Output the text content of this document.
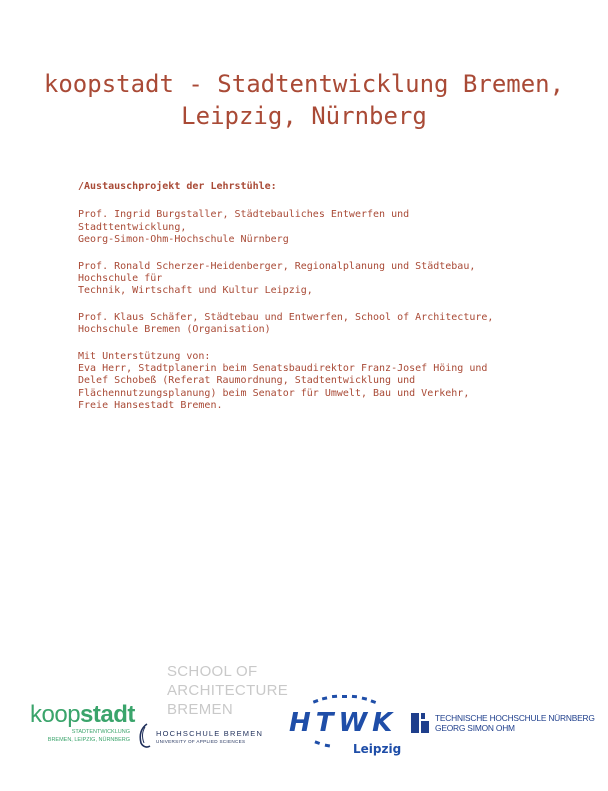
koopstadt - Stadtentwicklung Bremen,
Leipzig, Nürnberg
/Austauschprojekt der Lehrstühle:
Prof. Ingrid Burgstaller, Städtebauliches Entwerfen und
Stadttentwicklung,
Georg-Simon-Ohm-Hochschule Nürnberg
Prof. Ronald Scherzer-Heidenberger, Regionalplanung und Städtebau,
Hochschule für
Technik, Wirtschaft und Kultur Leipzig,
Prof. Klaus Schäfer, Städtebau und Entwerfen, School of Architecture,
Hochschule Bremen (Organisation)
Mit Unterstützung von:
Eva Herr, Stadtplanerin beim Senatsbaudirektor Franz-Josef Höing und
Delef Schobeß (Referat Raumordnung, Stadtentwicklung und
Flächennutzungsplanung) beim Senator für Umwelt, Bau und Verkehr,
Freie Hansestadt Bremen.
koopstadt
STADTENTWICKLUNG
BREMEN, LEIPZIG, NÜRNBERG
SCHOOL OF
ARCHITECTURE
BREMEN
HOCHSCHULE BREMEN
UNIVERSITY OF APPLIED SCIENCES
HTWK
Leipzig
TECHNISCHE HOCHSCHULE NÜRNBERG
GEORG SIMON OHM
